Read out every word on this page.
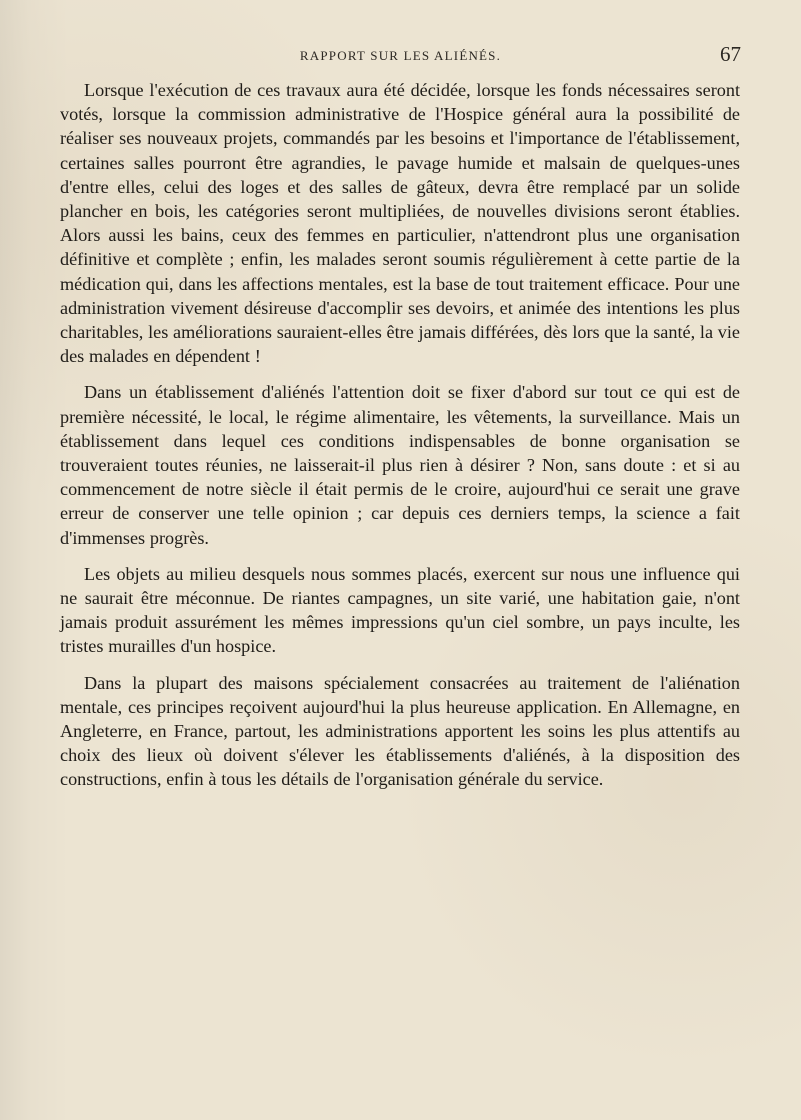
RAPPORT SUR LES ALIÉNÉS.	67

Lorsque l'exécution de ces travaux aura été décidée, lorsque les fonds nécessaires seront votés, lorsque la commission administrative de l'Hospice général aura la possibilité de réaliser ses nouveaux projets, commandés par les besoins et l'importance de l'établissement, certaines salles pourront être agrandies, le pavage humide et malsain de quelques-unes d'entre elles, celui des loges et des salles de gâteux, devra être remplacé par un solide plancher en bois, les catégories seront multipliées, de nouvelles divisions seront établies. Alors aussi les bains, ceux des femmes en particulier, n'attendront plus une organisation définitive et complète ; enfin, les malades seront soumis régulièrement à cette partie de la médication qui, dans les affections mentales, est la base de tout traitement efficace. Pour une administration vivement désireuse d'accomplir ses devoirs, et animée des intentions les plus charitables, les améliorations sauraient-elles être jamais différées, dès lors que la santé, la vie des malades en dépendent !

Dans un établissement d'aliénés l'attention doit se fixer d'abord sur tout ce qui est de première nécessité, le local, le régime alimentaire, les vêtements, la surveillance. Mais un établissement dans lequel ces conditions indispensables de bonne organisation se trouveraient toutes réunies, ne laisserait-il plus rien à désirer ? Non, sans doute : et si au commencement de notre siècle il était permis de le croire, aujourd'hui ce serait une grave erreur de conserver une telle opinion ; car depuis ces derniers temps, la science a fait d'immenses progrès.

Les objets au milieu desquels nous sommes placés, exercent sur nous une influence qui ne saurait être méconnue. De riantes campagnes, un site varié, une habitation gaie, n'ont jamais produit assurément les mêmes impressions qu'un ciel sombre, un pays inculte, les tristes murailles d'un hospice.

Dans la plupart des maisons spécialement consacrées au traitement de l'aliénation mentale, ces principes reçoivent aujourd'hui la plus heureuse application. En Allemagne, en Angleterre, en France, partout, les administrations apportent les soins les plus attentifs au choix des lieux où doivent s'élever les établissements d'aliénés, à la disposition des constructions, enfin à tous les détails de l'organisation générale du service.
